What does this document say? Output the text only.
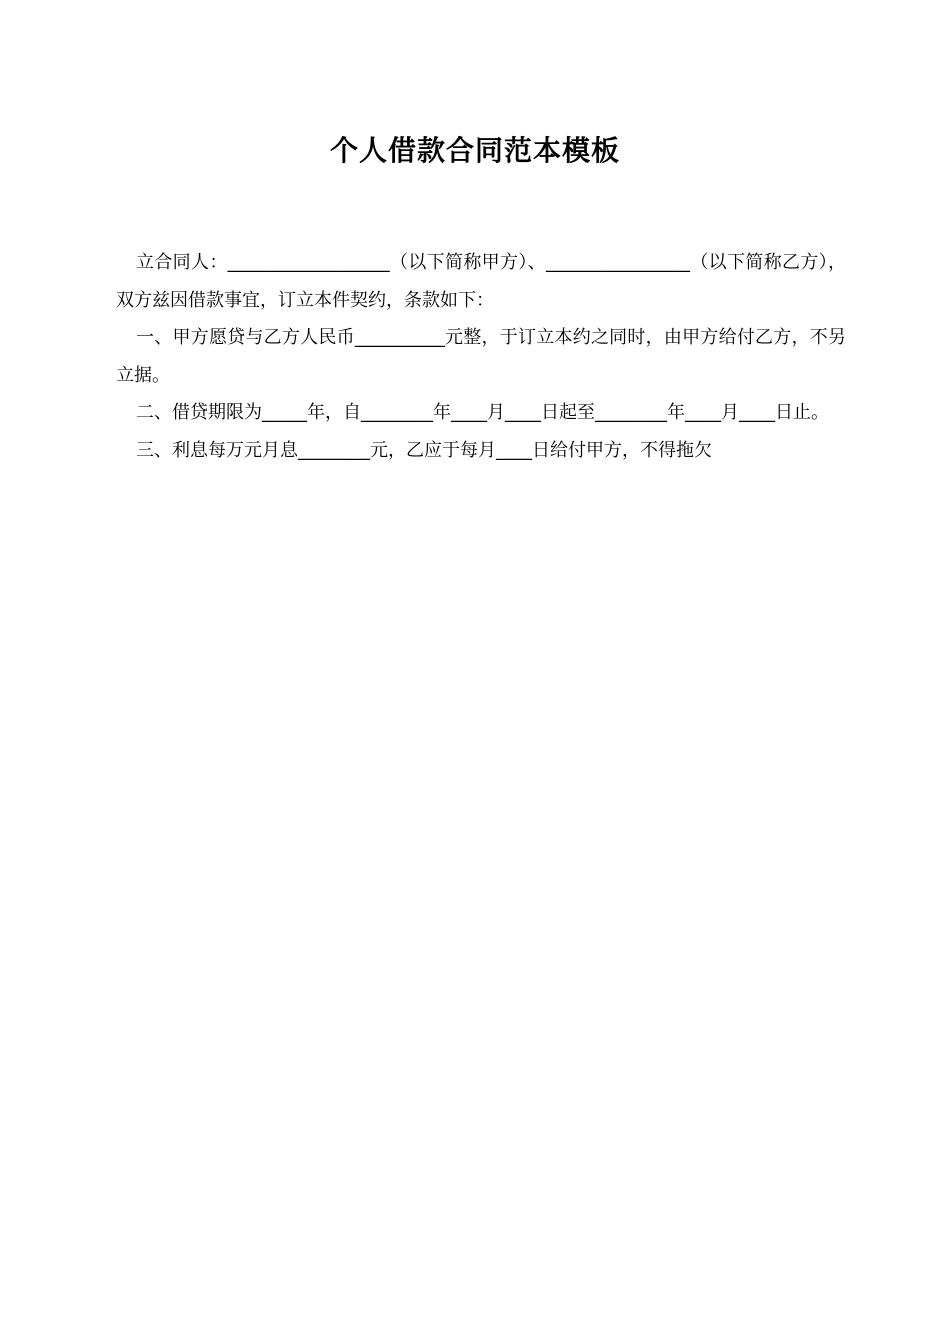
个人借款合同范本模板

立合同人：__________________（以下简称甲方）、________________（以下简称乙方），双方兹因借款事宜，订立本件契约，条款如下：

一、甲方愿贷与乙方人民币__________元整，于订立本约之同时，由甲方给付乙方，不另立据。

二、借贷期限为_____年，自________年____月____日起至________年____月____日止。

三、利息每万元月息________元，乙应于每月____日给付甲方，不得拖欠
